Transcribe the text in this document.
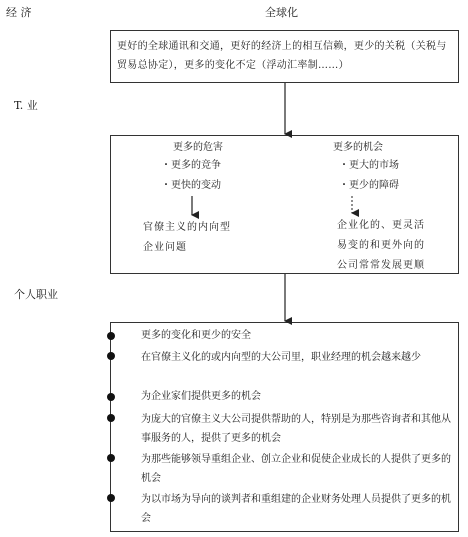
经 济
T. 业
个人职业
全球化
更好的全球通讯和交通，更好的经济上的相互信赖，更少的关税（关税与贸易总协定），更多的变化不定（浮动汇率制……）
更多的危害
・更多的竞争
・更快的变动
官僚主义的内向型
企业问题
更多的机会
・更大的市场
・更少的障碍
企业化的、更灵活
易变的和更外向的
公司常常发展更顺
更多的变化和更少的安全
在官僚主义化的或内向型的大公司里，职业经理的机会越来越少
为企业家们提供更多的机会
为庞大的官僚主义大公司提供帮助的人，特别是为那些咨询者和其他从事服务的人，提供了更多的机会
为那些能够领导重组企业、创立企业和促使企业成长的人提供了更多的机会
为以市场为导向的谈判者和重组建的企业财务处理人员提供了更多的机会
